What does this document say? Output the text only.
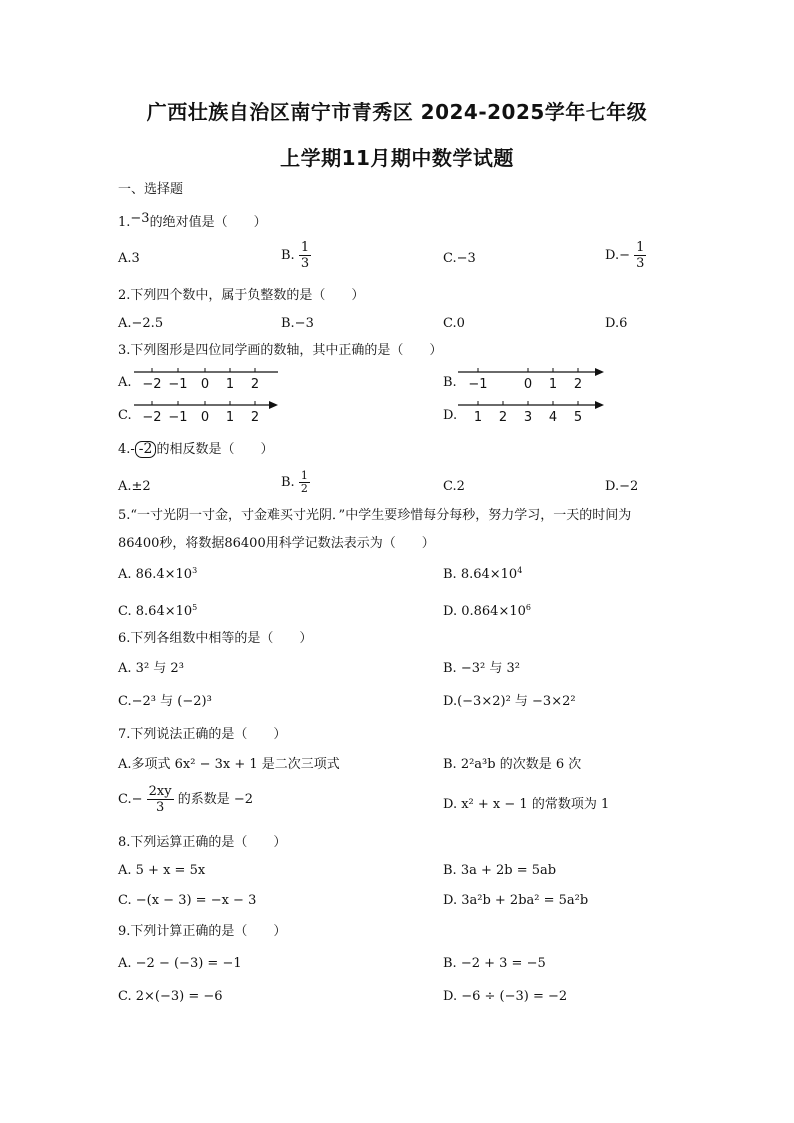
广西壮族自治区南宁市青秀区 2024-2025学年七年级
上学期11月期中数学试题
一、选择题
1.−3的绝对值是（　　）
A.3	B. $\frac{1}{3}$	C.−3	$D.- \frac{1}{3}$
2.下列四个数中，属于负整数的是（　　）
A.−2.5	B.−3	C.0	D.6
3.下列图形是四位同学画的数轴，其中正确的是（　　）
A. −2 −1 0 1 2	B. −1	0 1 2
C. −2 −1 0 1 2	D. 1 2 3 4 5
4.- -2 的相反数是（　　）
A.±2	B. $\frac{1}{2}$	C.2	D.−2
5.“一寸光阴一寸金，寸金难买寸光阴．”中学生要珍惜每分每秒，努力学习，一天的时间为
86400秒，将数据86400用科学记数法表示为（　　）
A. $86.4\times 10^3$	B. $8.64\times 10^4$
C. $8.64\times 10^5$	D. $0.864\times 10^6$
6.下列各组数中相等的是（　　）
A. 3² 与 2³	B. −3² 与 3²
C.−2³ 与 (−2)³	D.(−3×2)² 与 −3×2²
7.下列说法正确的是（　　）
A.多项式 6x² − 3x + 1 是二次三项式	B. 2²a³b 的次数是 6 次
$C.- \frac{2xy}{3}$ 的系数是 −2	D. x² + x − 1 的常数项为 1
8.下列运算正确的是（　　）
A. 5 + x = 5x	B. 3a + 2b = 5ab
C. −(x − 3) = −x − 3	D. 3a²b + 2ba² = 5a²b
9.下列计算正确的是（　　）
A. −2 − (−3) = −1	B. −2 + 3 = −5
C. 2×(−3) = −6	D. −6 ÷ (−3) = −2
